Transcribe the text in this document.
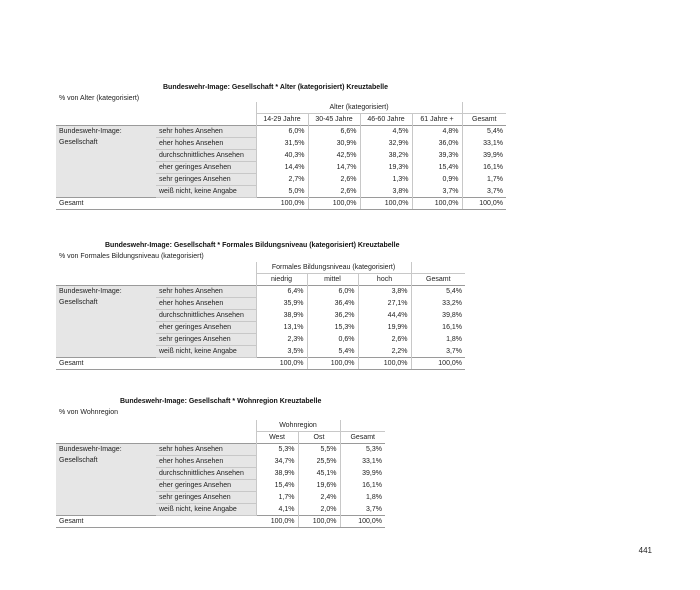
Bundeswehr-Image: Gesellschaft * Alter (kategorisiert) Kreuztabelle
% von Alter (kategorisiert)
		Alter (kategorisiert)				
		14-29 Jahre	30-45 Jahre	46-60 Jahre	61 Jahre +	Gesamt

Bundeswehr-Image:
Gesellschaft	sehr hohes Ansehen	6,0%	6,6%	4,5%	4,8%	5,4%
	eher hohes Ansehen	31,5%	30,9%	32,9%	36,0%	33,1%
	durchschnittliches Ansehen	40,3%	42,5%	38,2%	39,3%	39,9%
	eher geringes Ansehen	14,4%	14,7%	19,3%	15,4%	16,1%
	sehr geringes Ansehen	2,7%	2,6%	1,3%	0,9%	1,7%
	weiß nicht, keine Angabe	5,0%	2,6%	3,8%	3,7%	3,7%
Gesamt		100,0%	100,0%	100,0%	100,0%	100,0%
Bundeswehr-Image: Gesellschaft * Formales Bildungsniveau (kategorisiert) Kreuztabelle
% von Formales Bildungsniveau (kategorisiert)
		Formales Bildungsniveau (kategorisiert)			
		niedrig	mittel	hoch	Gesamt

Bundeswehr-Image:
Gesellschaft	sehr hohes Ansehen	6,4%	6,0%	3,8%	5,4%
	eher hohes Ansehen	35,9%	36,4%	27,1%	33,2%
	durchschnittliches Ansehen	38,9%	36,2%	44,4%	39,8%
	eher geringes Ansehen	13,1%	15,3%	19,9%	16,1%
	sehr geringes Ansehen	2,3%	0,6%	2,6%	1,8%
	weiß nicht, keine Angabe	3,5%	5,4%	2,2%	3,7%
Gesamt		100,0%	100,0%	100,0%	100,0%
Bundeswehr-Image: Gesellschaft * Wohnregion Kreuztabelle
% von Wohnregion
		Wohnregion		
		West	Ost	Gesamt

Bundeswehr-Image:
Gesellschaft	sehr hohes Ansehen	5,3%	5,5%	5,3%
	eher hohes Ansehen	34,7%	25,5%	33,1%
	durchschnittliches Ansehen	38,9%	45,1%	39,9%
	eher geringes Ansehen	15,4%	19,6%	16,1%
	sehr geringes Ansehen	1,7%	2,4%	1,8%
	weiß nicht, keine Angabe	4,1%	2,0%	3,7%
Gesamt		100,0%	100,0%	100,0%
441
